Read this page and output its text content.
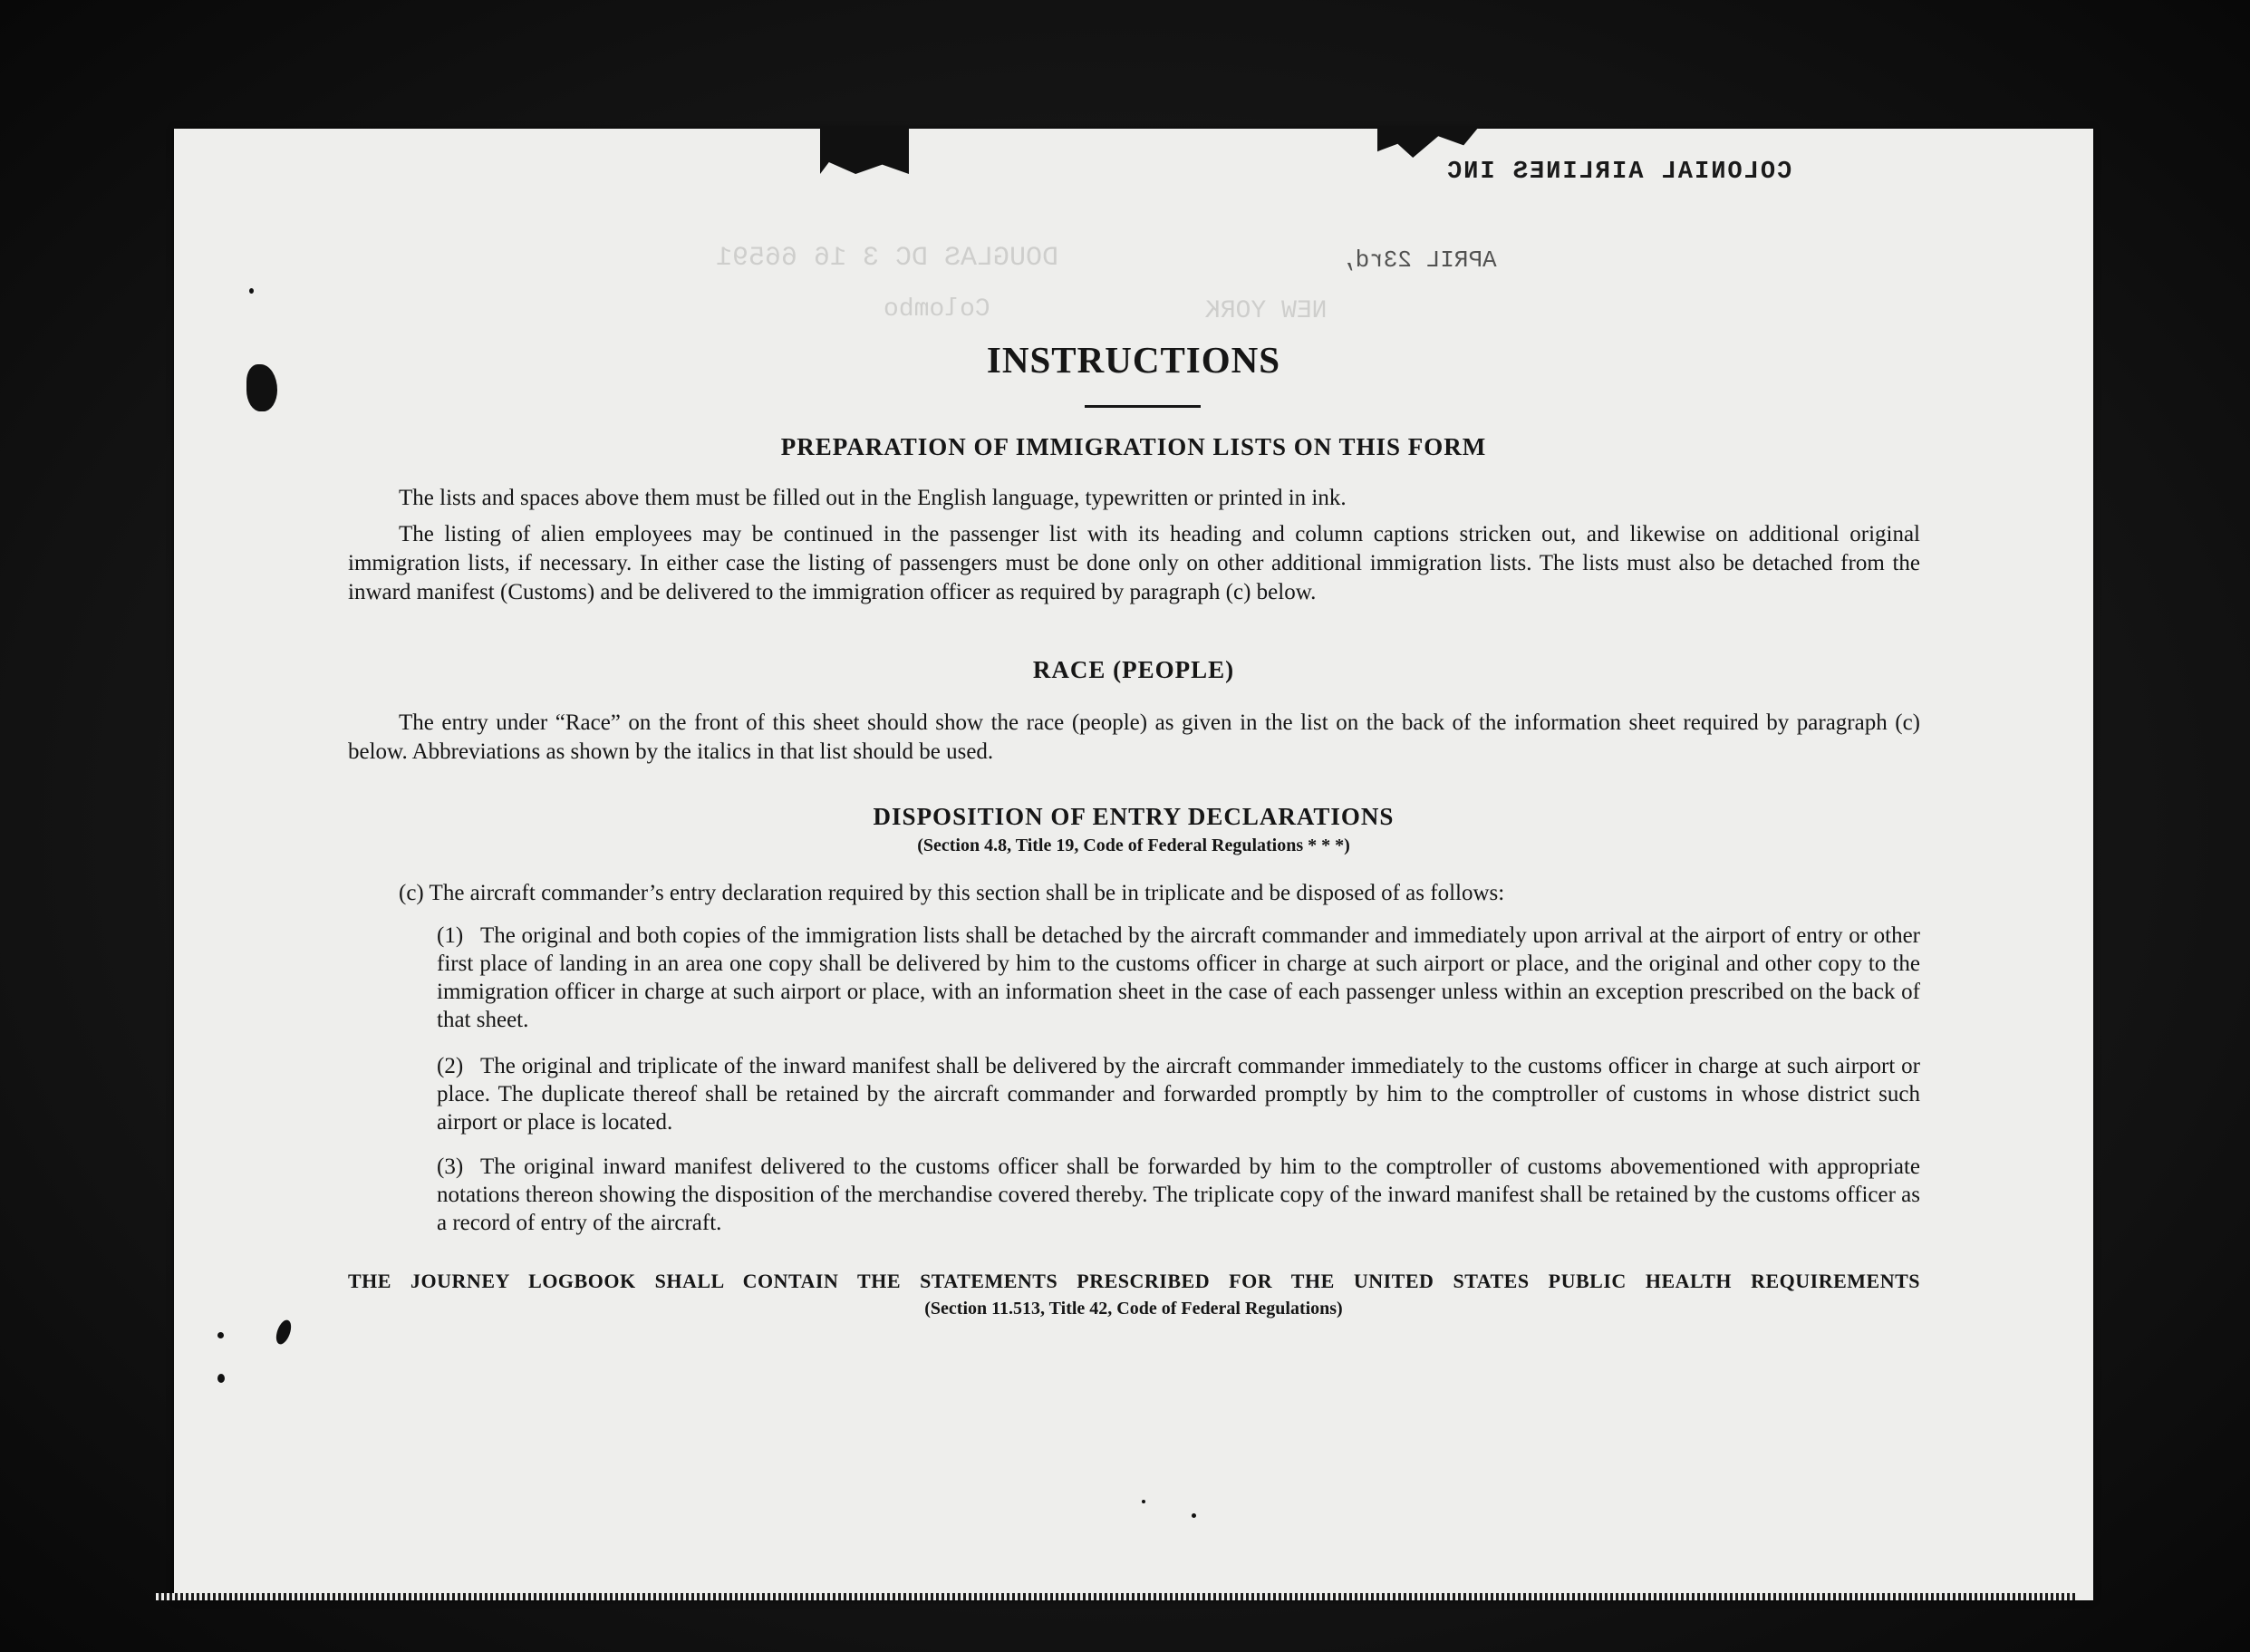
DOUGLAS DC 3 16 66591	APRIL 23rd,
NEW YORK
Colombo
COLONIAL AIRLINES INC
INSTRUCTIONS
PREPARATION OF IMMIGRATION LISTS ON THIS FORM
The lists and spaces above them must be filled out in the English language, typewritten or printed in ink.
The listing of alien employees may be continued in the passenger list with its heading and column captions stricken out, and likewise on additional original immigration lists, if necessary. In either case the listing of passengers must be done only on other additional immigration lists. The lists must also be detached from the inward manifest (Customs) and be delivered to the immigration officer as required by paragraph (c) below.
RACE (PEOPLE)
The entry under “Race” on the front of this sheet should show the race (people) as given in the list on the back of the information sheet required by paragraph (c) below. Abbreviations as shown by the italics in that list should be used.
DISPOSITION OF ENTRY DECLARATIONS
(Section 4.8, Title 19, Code of Federal Regulations * * *)
(c) The aircraft commander’s entry declaration required by this section shall be in triplicate and be disposed of as follows:
(1) The original and both copies of the immigration lists shall be detached by the aircraft commander and immediately upon arrival at the airport of entry or other first place of landing in an area one copy shall be delivered by him to the customs officer in charge at such airport or place, and the original and other copy to the immigration officer in charge at such airport or place, with an information sheet in the case of each passenger unless within an exception prescribed on the back of that sheet.
(2) The original and triplicate of the inward manifest shall be delivered by the aircraft commander immediately to the customs officer in charge at such airport or place. The duplicate thereof shall be retained by the aircraft commander and forwarded promptly by him to the comptroller of customs in whose district such airport or place is located.
(3) The original inward manifest delivered to the customs officer shall be forwarded by him to the comptroller of customs abovementioned with appropriate notations thereon showing the disposition of the merchandise covered thereby. The triplicate copy of the inward manifest shall be retained by the customs officer as a record of entry of the aircraft.
THE JOURNEY LOGBOOK SHALL CONTAIN THE STATEMENTS PRESCRIBED FOR THE UNITED STATES PUBLIC HEALTH REQUIREMENTS
(Section 11.513, Title 42, Code of Federal Regulations)
